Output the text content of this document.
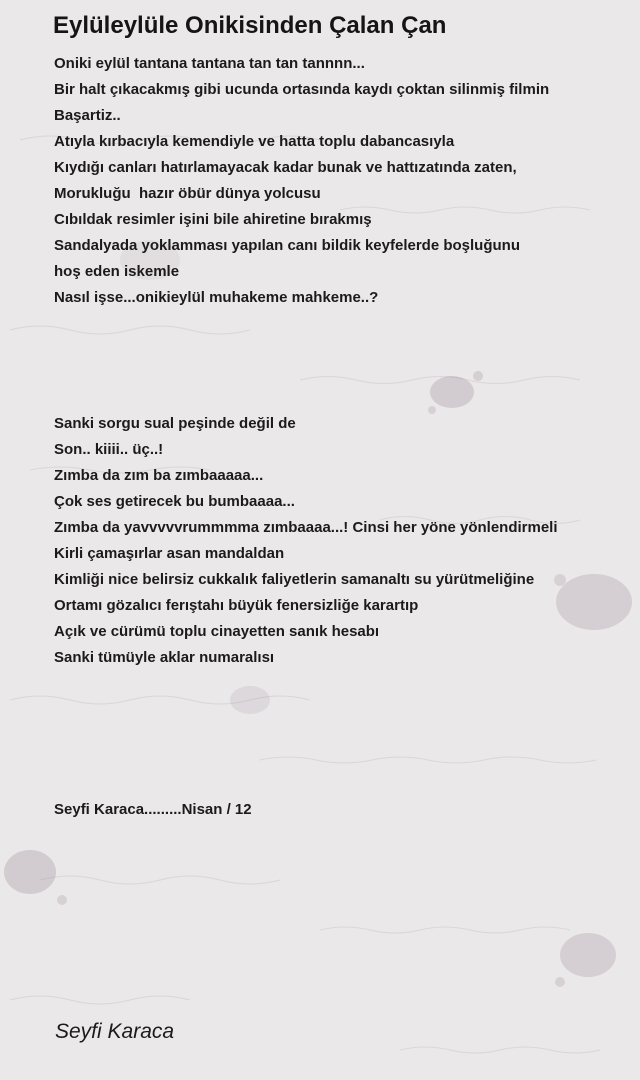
Eylüleylüle Onikisinden Çalan Çan
Oniki eylül tantana tantana tan tan tannnn...
Bir halt çıkacakmış gibi ucunda ortasında kaydı çoktan silinmiş filmin
Başartiz..
Atıyla kırbacıyla kemendiyle ve hatta toplu dabancasıyla
Kıydığı canları hatırlamayacak kadar bunak ve hattızatında zaten,
Morukluğu  hazır öbür dünya yolcusu
Cıbıldak resimler işini bile ahiretine bırakmış
Sandalyada yoklamması yapılan canı bildik keyfelerde boşluğunu
hoş eden iskemle
Nasıl işse...onikieylül muhakeme mahkeme..?
Sanki sorgu sual peşinde değil de
Son.. kiiii.. üç..!
Zımba da zım ba zımbaaaaa...
Çok ses getirecek bu bumbaaaa...
Zımba da yavvvvvrummmma zımbaaaa...! Cinsi her yöne yönlendirmeli
Kirli çamaşırlar asan mandaldan
Kimliği nice belirsiz cukkalık faliyetlerin samanaltı su yürütmeliğine
Ortamı gözalıcı ferıştahı büyük fenersizliğe karartıp
Açık ve cürümü toplu cinayetten sanık hesabı
Sanki tümüyle aklar numaralısı
Seyfi Karaca.........Nisan / 12
Seyfi Karaca
